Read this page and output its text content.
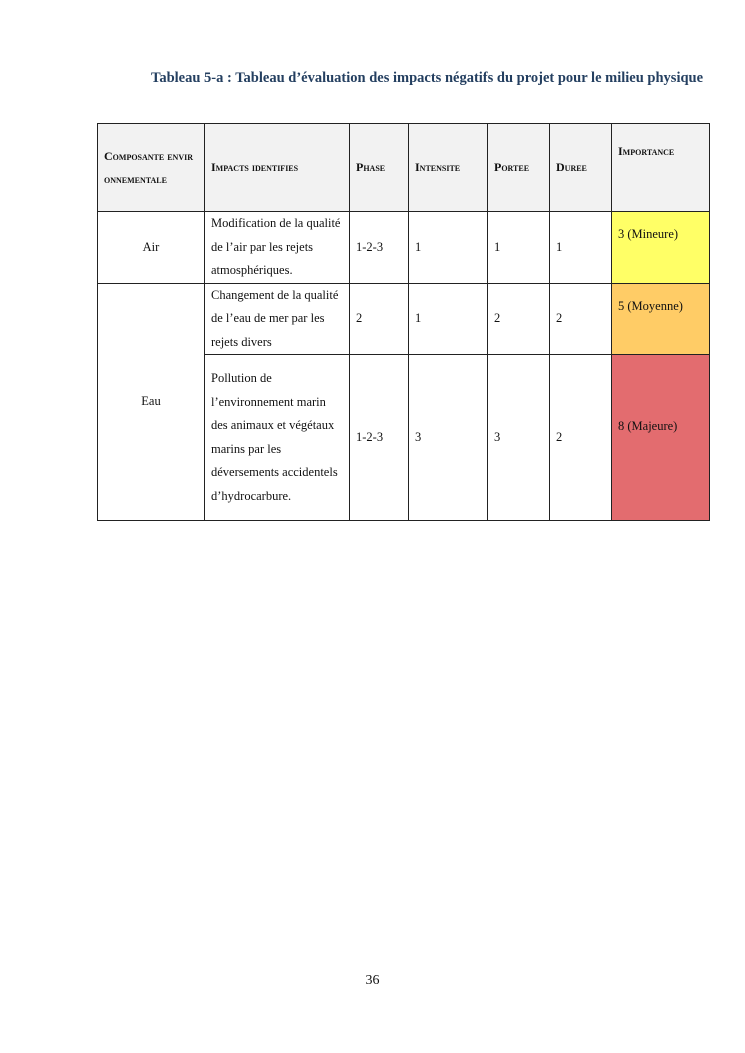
Tableau 5-a : Tableau d’évaluation des impacts négatifs du projet pour le milieu physique
Composante environnementale	Impacts identifies	Phase	Intensite	Portee	Duree	Importance
Air	Modification de la qualité de l’air par les rejets atmosphériques.	1-2-3	1	1	1	3 (Mineure)
Eau	Changement de la qualité de l’eau de mer par les rejets divers	2	1	2	2	5 (Moyenne)
	Pollution de l’environnement marin des animaux et végétaux marins par les déversements accidentels d’hydrocarbure.	1-2-3	3	3	2	8 (Majeure)
36
